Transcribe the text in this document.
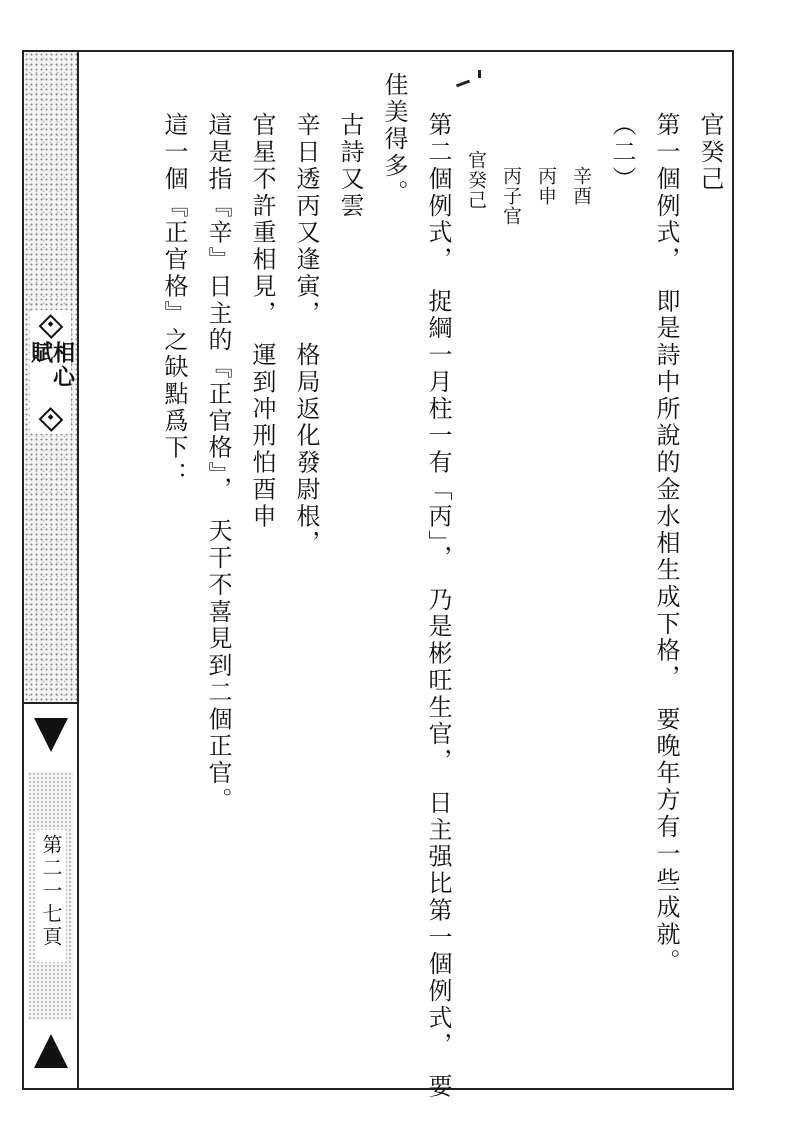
相心賦
第二一七頁
官癸己
第一個例式，　即是詩中所說的金水相生成下格，　要晚年方有一些成就。
（二）
辛酉
丙申
丙子官
官癸己
第二個例式，　捉綱一月柱一有「丙」，　乃是彬旺生官，　日主强比第一個例式，　要
佳美得多。
古詩又雲
辛日透丙又逢寅，　格局返化發尉根，
官星不許重相見，　運到冲刑怕酉申
這是指『辛』日主的『正官格』，　天干不喜見到二個正官。
這一個『正官格』之缺點爲下：
